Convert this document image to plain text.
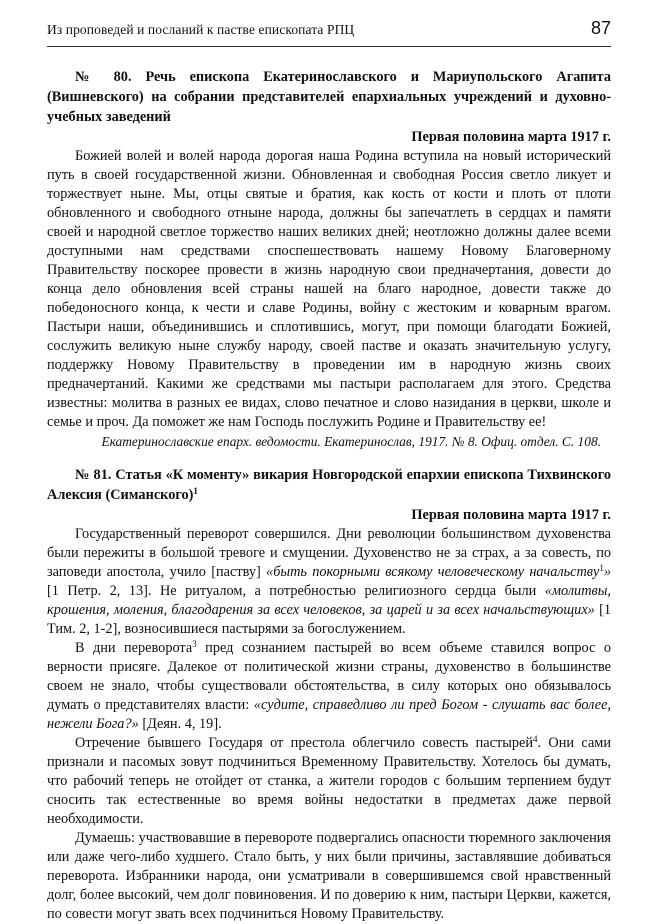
Из проповедей и посланий к пастве епископата РПЦ	87

№ 80. Речь епископа Екатеринославского и Мариупольского Агапита (Вишневского) на собрании представителей епархиальных учреждений и духовно-учебных заведений

Первая половина марта 1917 г.

Божией волей и волей народа дорогая наша Родина вступила на новый исторический путь в своей государственной жизни. Обновленная и свободная Россия светло ликует и торжествует ныне. Мы, отцы святые и братия, как кость от кости и плоть от плоти обновленного и свободного отныне народа, должны бы запечатлеть в сердцах и памяти своей и народной светлое торжество наших великих дней; неотложно должны далее всеми доступными нам средствами споспешествовать нашему Новому Благоверному Правительству поскорее провести в жизнь народную свои предначертания, довести до конца дело обновления всей страны нашей на благо народное, довести также до победоносного конца, к чести и славе Родины, войну с жестоким и коварным врагом. Пастыри наши, объединившись и сплотившись, могут, при помощи благодати Божией, сослужить великую ныне службу народу, своей пастве и оказать значительную услугу, поддержку Новому Правительству в проведении им в народную жизнь своих предначертаний. Какими же средствами мы пастыри располагаем для этого. Средства известны: молитва в разных ее видах, слово печатное и слово назидания в церкви, школе и семье и проч. Да поможет же нам Господь послужить Родине и Правительству ее!

Екатеринославские епарх. ведомости. Екатеринослав, 1917. № 8. Офиц. отдел. С. 108.

№ 81. Статья «К моменту» викария Новгородской епархии епископа Тихвинского Алексия (Симанского)$^1$

Первая половина марта 1917 г.

Государственный переворот совершился. Дни революции большинством духовенства были пережиты в большой тревоге и смущении. Духовенство не за страх, а за совесть, по заповеди апостола, учило [паству] «быть покорными всякому человеческому начальству$^1$» [1 Петр. 2, 13]. Не ритуалом, а потребностью религиозного сердца были «молитвы, крошения, моления, благодарения за всех человеков, за царей и за всех начальствующих» [1 Тим. 2, 1-2], возносившиеся пастырями за богослужением.

В дни переворота$^3$ пред сознанием пастырей во всем объеме ставился вопрос о верности присяге. Далекое от политической жизни страны, духовенство в большинстве своем не знало, чтобы существовали обстоятельства, в силу которых оно обязывалось думать о представителях власти: «судите, справедливо ли пред Богом - слушать вас более, нежели Бога?» [Деян. 4, 19].

Отречение бывшего Государя от престола облегчило совесть пастырей$^4$. Они сами признали и пасомых зовут подчиниться Временному Правительству. Хотелось бы думать, что рабочий теперь не отойдет от станка, а жители городов с большим терпением будут сносить так естественные во время войны недостатки в предметах даже первой необходимости.

Думаешь: участвовавшие в перевороте подвергались опасности тюремного заключения или даже чего-либо худшего. Стало быть, у них были причины, заставлявшие добиваться переворота. Избранники народа, они усматривали в совершившемся свой нравственный долг, более высокий, чем долг повиновения. И по доверию к ним, пастыри Церкви, кажется, по совести могут звать всех подчиниться Новому Правительству.
